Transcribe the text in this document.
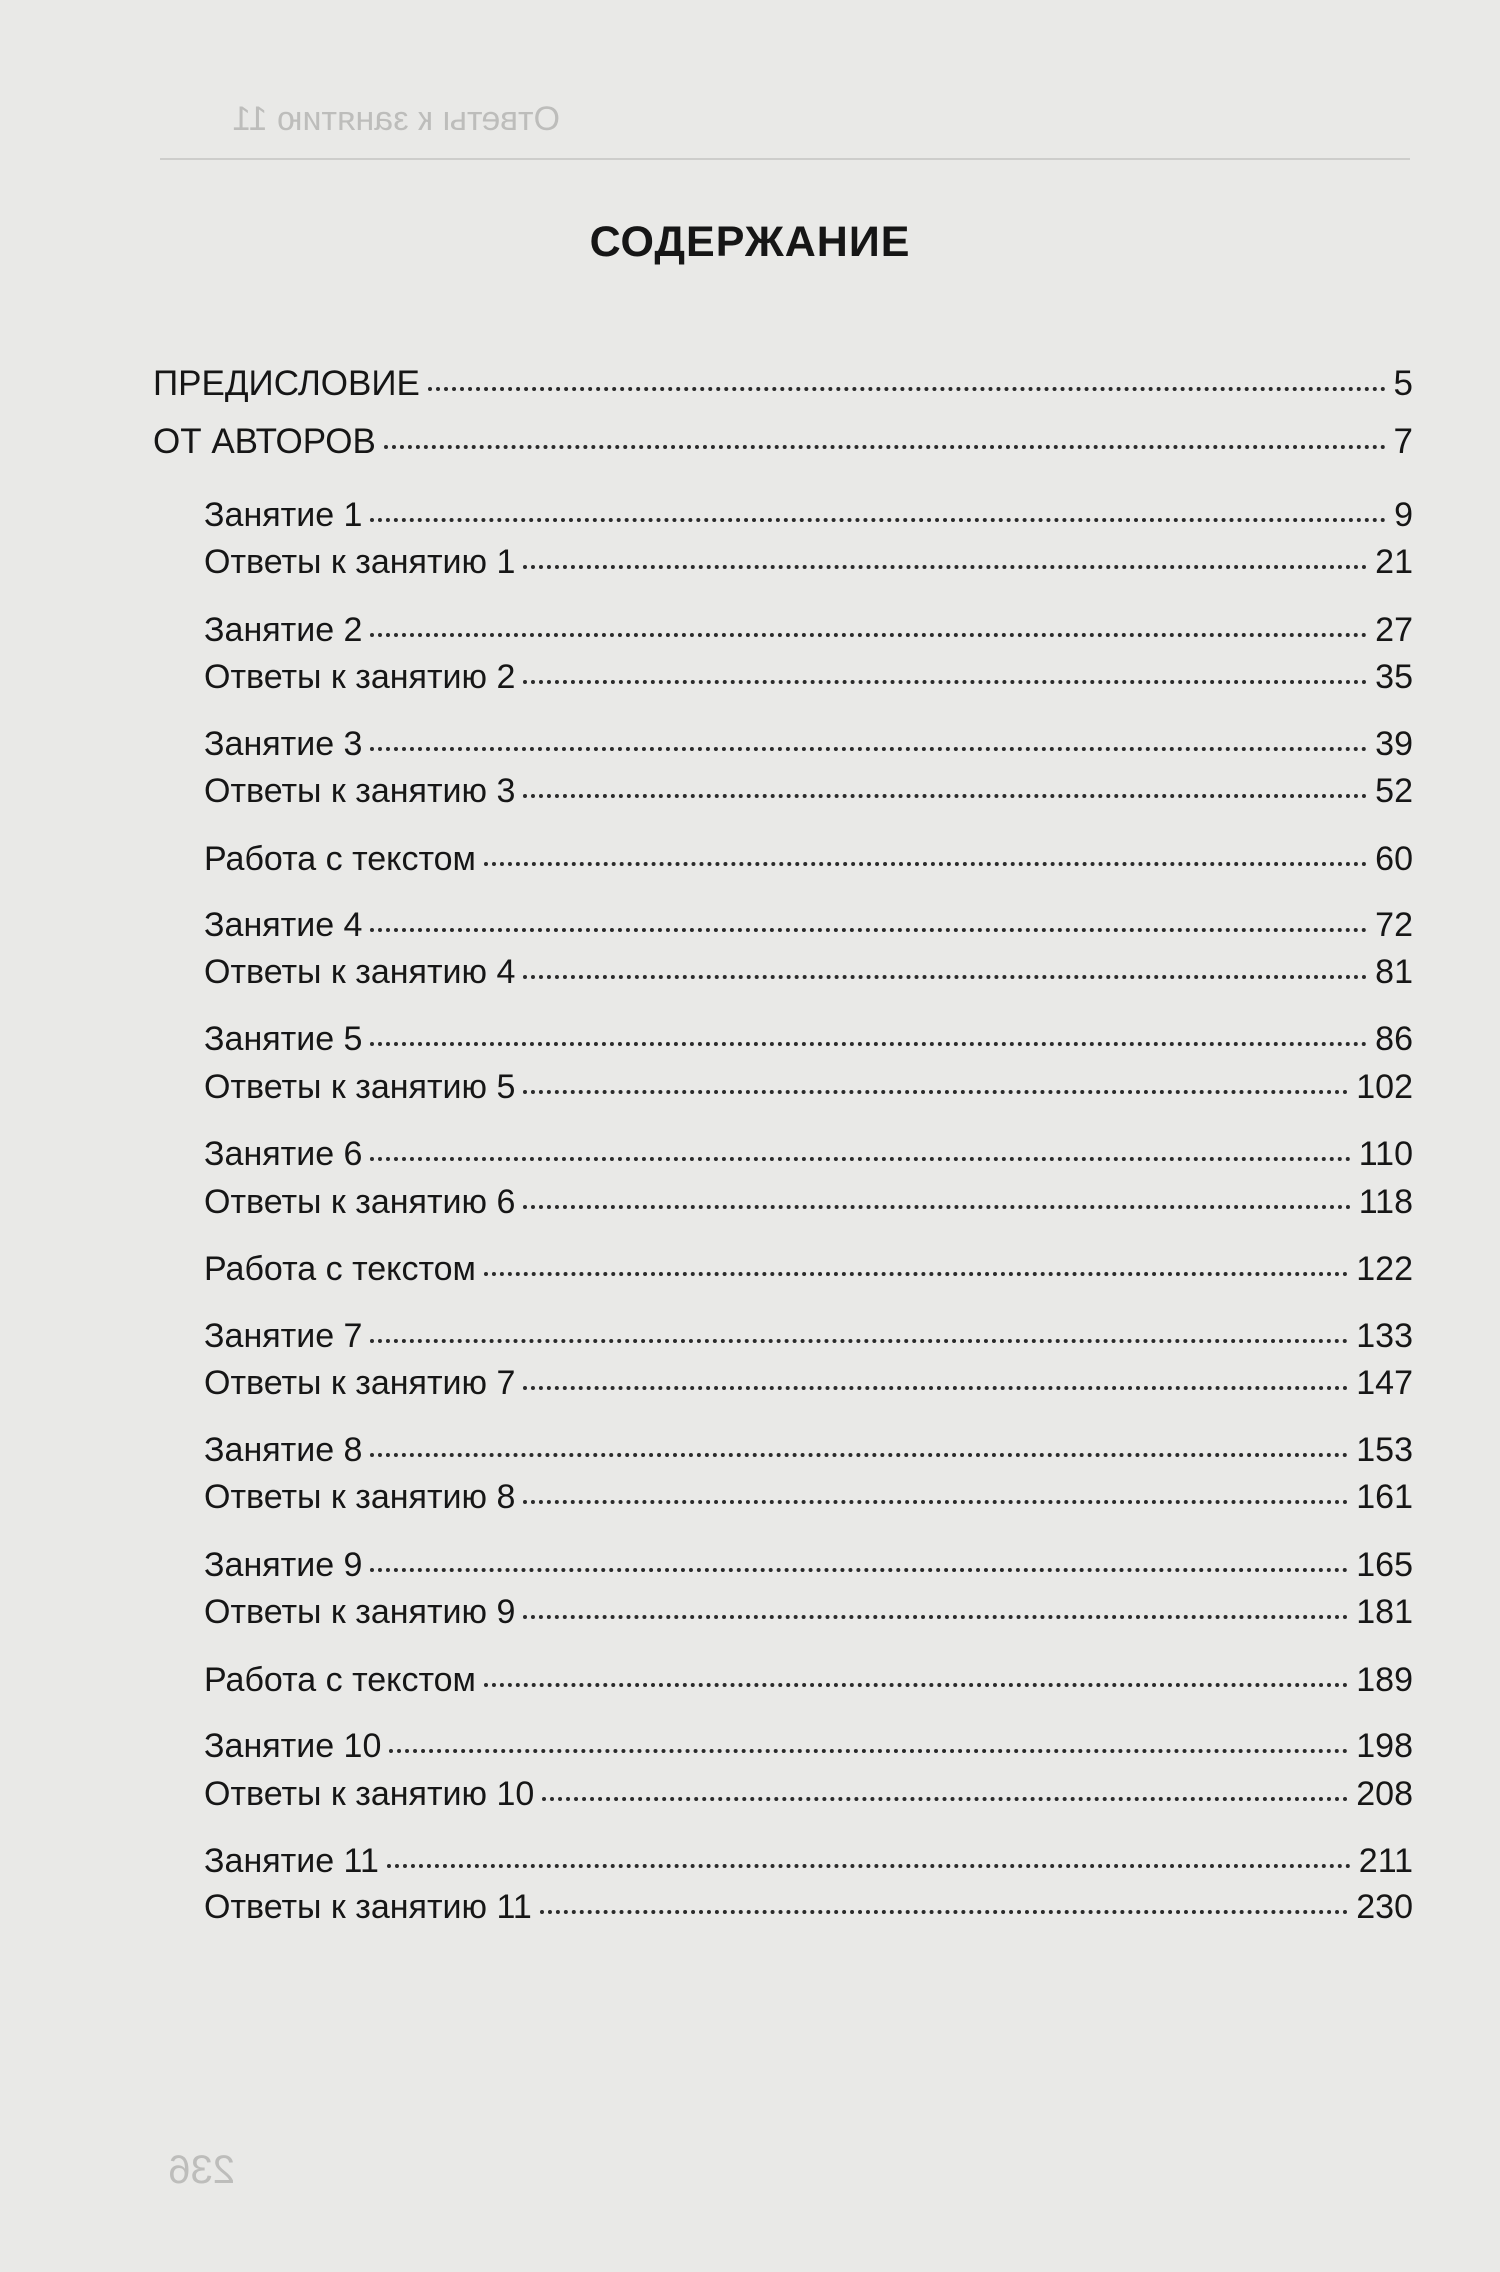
Ответы к занятию 11
236
СОДЕРЖАНИЕ
ПРЕДИСЛОВИЕ	5
ОТ АВТОРОВ	7
Занятие 1	9
Ответы к занятию 1	21
Занятие 2	27
Ответы к занятию 2	35
Занятие 3	39
Ответы к занятию 3	52
Работа с текстом	60
Занятие 4	72
Ответы к занятию 4	81
Занятие 5	86
Ответы к занятию 5	102
Занятие 6	110
Ответы к занятию 6	118
Работа с текстом	122
Занятие 7	133
Ответы к занятию 7	147
Занятие 8	153
Ответы к занятию 8	161
Занятие 9	165
Ответы к занятию 9	181
Работа с текстом	189
Занятие 10	198
Ответы к занятию 10	208
Занятие 11	211
Ответы к занятию 11	230
